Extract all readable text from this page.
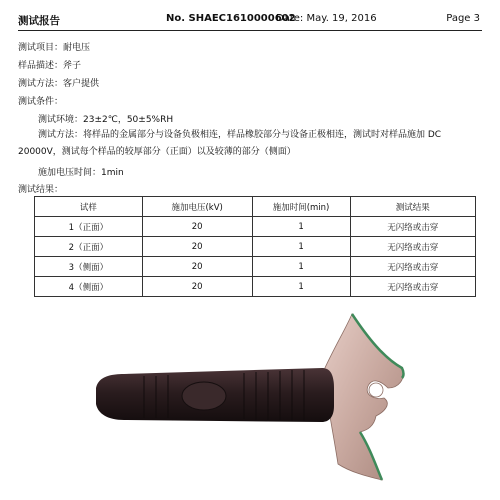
测试报告	No. SHAEC1610000602
Date: May. 19, 2016	Page 3
测试项目：耐电压
样品描述：斧子
测试方法：客户提供
测试条件：
测试环境：23±2℃，50±5%RH
测试方法：将样品的金属部分与设备负极相连，样品橡胶部分与设备正极相连，测试时对样品施加 DC 20000V，测试每个样品的较厚部分（正面）以及较薄的部分（侧面）
施加电压时间：1min
测试结果：
试样	施加电压(kV)	施加时间(min)	测试结果
1（正面）	20	1	无闪络或击穿
2（正面）	20	1	无闪络或击穿
3（侧面）	20	1	无闪络或击穿
4（侧面）	20	1	无闪络或击穿
